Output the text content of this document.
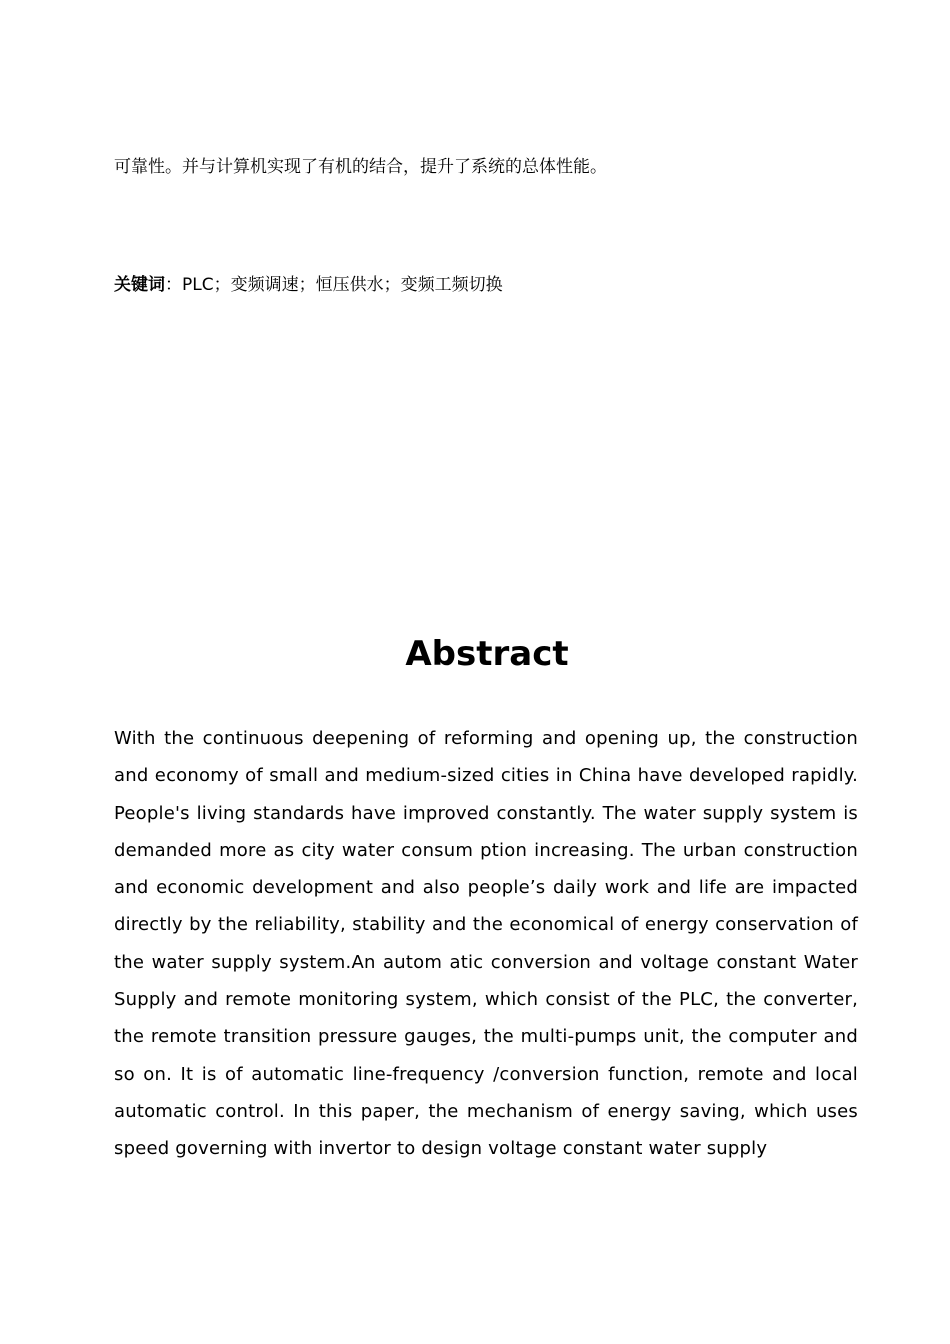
可靠性。并与计算机实现了有机的结合，提升了系统的总体性能。

关键词：PLC；变频调速；恒压供水；变频工频切换

Abstract

With the continuous deepening of reforming and opening up, the construction and economy of small and medium-sized cities in China have developed rapidly. People's living standards have improved constantly. The water supply system is demanded more as city water consum ption increasing. The urban construction and economic development and also people’s daily work and life are impacted directly by the reliability, stability and the economical of energy conservation of the water supply system.An autom atic conversion and voltage constant Water Supply and remote monitoring system, which consist of the PLC, the converter, the remote transition pressure gauges, the multi-pumps unit, the computer and so on. It is of automatic line-frequency /conversion function, remote and local automatic control. In this paper, the mechanism of energy saving, which uses speed governing with invertor to design voltage constant water supply
